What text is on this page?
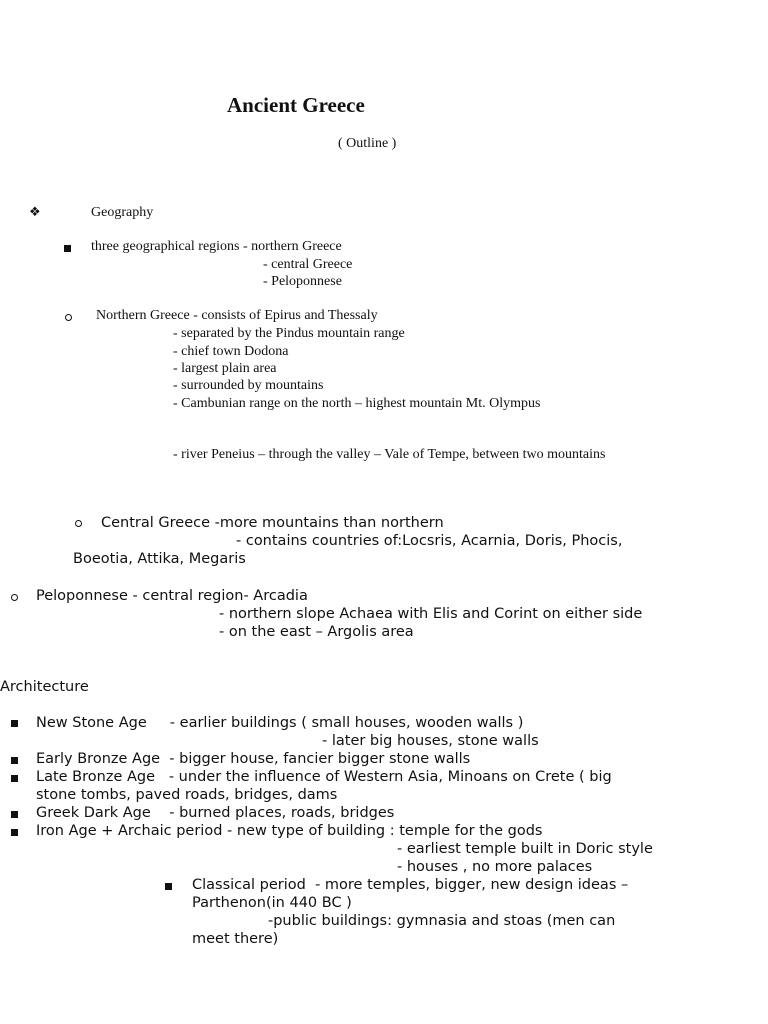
Ancient Greece
( Outline )
❖	Geography
three geographical regions - northern Greece
- central Greece
- Peloponnese
Northern Greece - consists of Epirus and Thessaly
- separated by the Pindus mountain range
- chief town Dodona
- largest plain area
- surrounded by mountains
- Cambunian range on the north – highest mountain Mt. Olympus
- river Peneius – through the valley – Vale of Tempe, between two mountains
Central Greece -more mountains than northern
- contains countries of:Locsris, Acarnia, Doris, Phocis,
Boeotia, Attika, Megaris
Peloponnese - central region- Arcadia
- northern slope Achaea with Elis and Corint on either side
- on the east – Argolis area
Architecture
New Stone Age     - earlier buildings ( small houses, wooden walls )
- later big houses, stone walls
Early Bronze Age  - bigger house, fancier bigger stone walls
Late Bronze Age   - under the influence of Western Asia, Minoans on Crete ( big
stone tombs, paved roads, bridges, dams
Greek Dark Age    - burned places, roads, bridges
Iron Age + Archaic period - new type of building : temple for the gods
- earliest temple built in Doric style
- houses , no more palaces
Classical period  - more temples, bigger, new design ideas –
Parthenon(in 440 BC )
-public buildings: gymnasia and stoas (men can
meet there)
